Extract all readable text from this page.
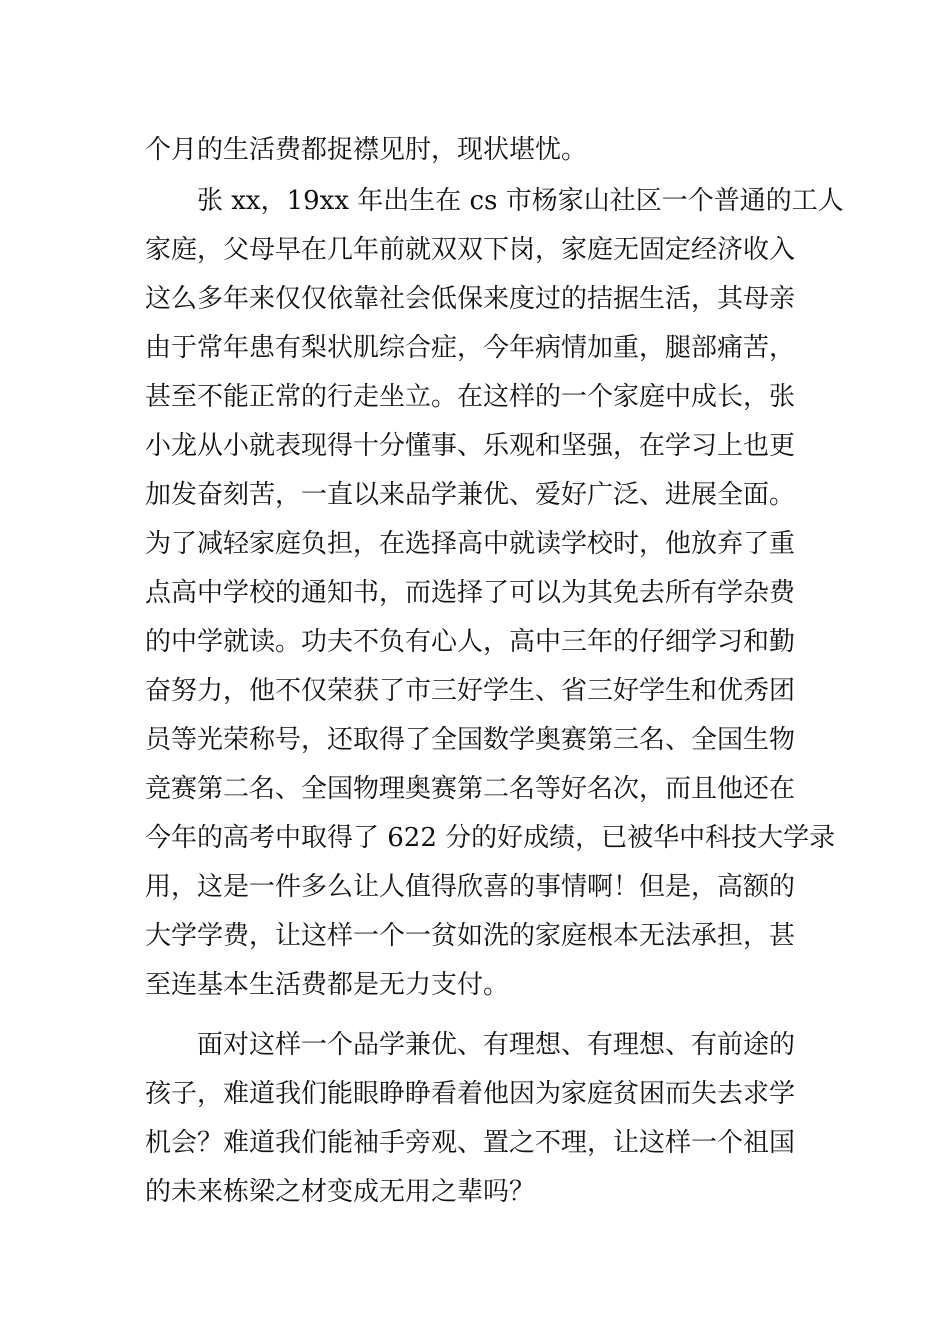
个月的生活费都捉襟见肘，现状堪忧。
张 xx，19xx 年出生在 cs 市杨家山社区一个普通的工人
家庭，父母早在几年前就双双下岗，家庭无固定经济收入
这么多年来仅仅依靠社会低保来度过的拮据生活，其母亲
由于常年患有梨状肌综合症，今年病情加重，腿部痛苦，
甚至不能正常的行走坐立。在这样的一个家庭中成长，张
小龙从小就表现得十分懂事、乐观和坚强，在学习上也更
加发奋刻苦，一直以来品学兼优、爱好广泛、进展全面。
为了减轻家庭负担，在选择高中就读学校时，他放弃了重
点高中学校的通知书，而选择了可以为其免去所有学杂费
的中学就读。功夫不负有心人，高中三年的仔细学习和勤
奋努力，他不仅荣获了市三好学生、省三好学生和优秀团
员等光荣称号，还取得了全国数学奥赛第三名、全国生物
竞赛第二名、全国物理奥赛第二名等好名次，而且他还在
今年的高考中取得了 622 分的好成绩，已被华中科技大学录
用，这是一件多么让人值得欣喜的事情啊！但是，高额的
大学学费，让这样一个一贫如洗的家庭根本无法承担，甚
至连基本生活费都是无力支付。
面对这样一个品学兼优、有理想、有理想、有前途的
孩子，难道我们能眼睁睁看着他因为家庭贫困而失去求学
机会？难道我们能袖手旁观、置之不理，让这样一个祖国
的未来栋梁之材变成无用之辈吗？
